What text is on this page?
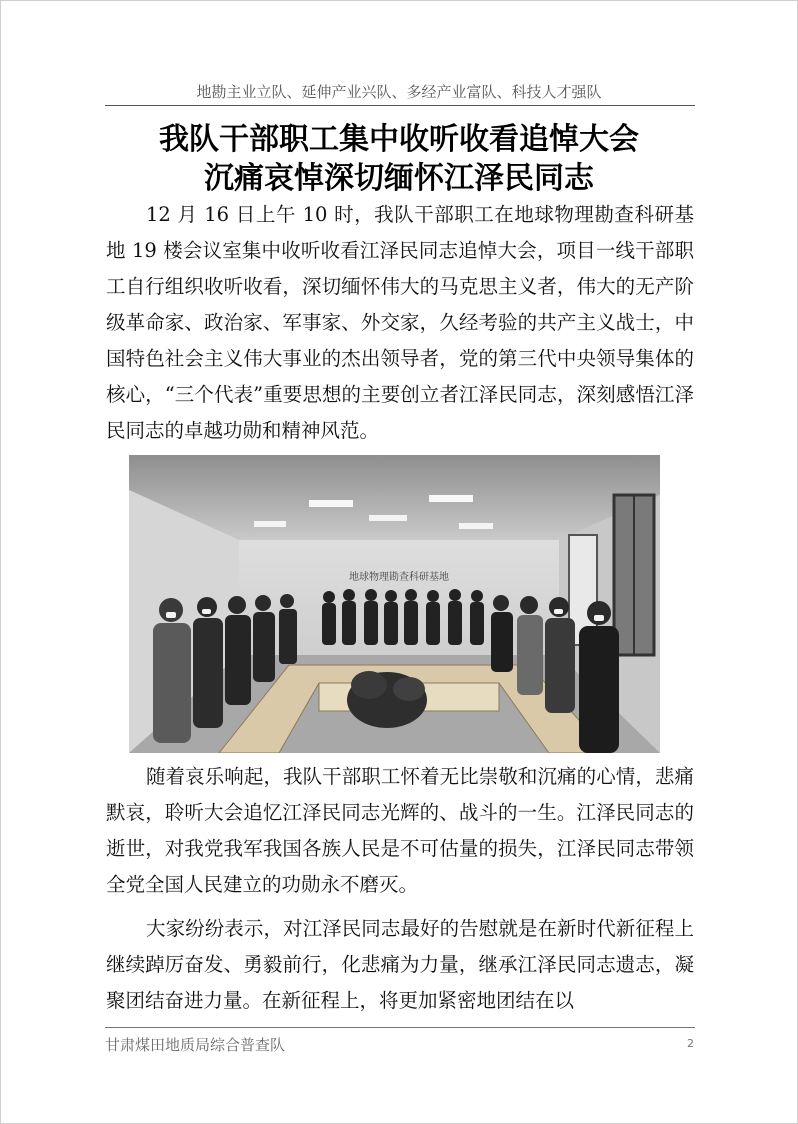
地勘主业立队、延伸产业兴队、多经产业富队、科技人才强队
我队干部职工集中收听收看追悼大会
沉痛哀悼深切缅怀江泽民同志

12 月 16 日上午 10 时，我队干部职工在地球物理勘查科研基地 19 楼会议室集中收听收看江泽民同志追悼大会，项目一线干部职工自行组织收听收看，深切缅怀伟大的马克思主义者，伟大的无产阶级革命家、政治家、军事家、外交家，久经考验的共产主义战士，中国特色社会主义伟大事业的杰出领导者，党的第三代中央领导集体的核心，“三个代表”重要思想的主要创立者江泽民同志，深刻感悟江泽民同志的卓越功勋和精神风范。

地球物理勘查科研基地

随着哀乐响起，我队干部职工怀着无比崇敬和沉痛的心情，悲痛默哀，聆听大会追忆江泽民同志光辉的、战斗的一生。江泽民同志的逝世，对我党我军我国各族人民是不可估量的损失，江泽民同志带领全党全国人民建立的功勋永不磨灭。

大家纷纷表示，对江泽民同志最好的告慰就是在新时代新征程上继续踔厉奋发、勇毅前行，化悲痛为力量，继承江泽民同志遗志，凝聚团结奋进力量。在新征程上，将更加紧密地团结在以

甘肃煤田地质局综合普查队	2
